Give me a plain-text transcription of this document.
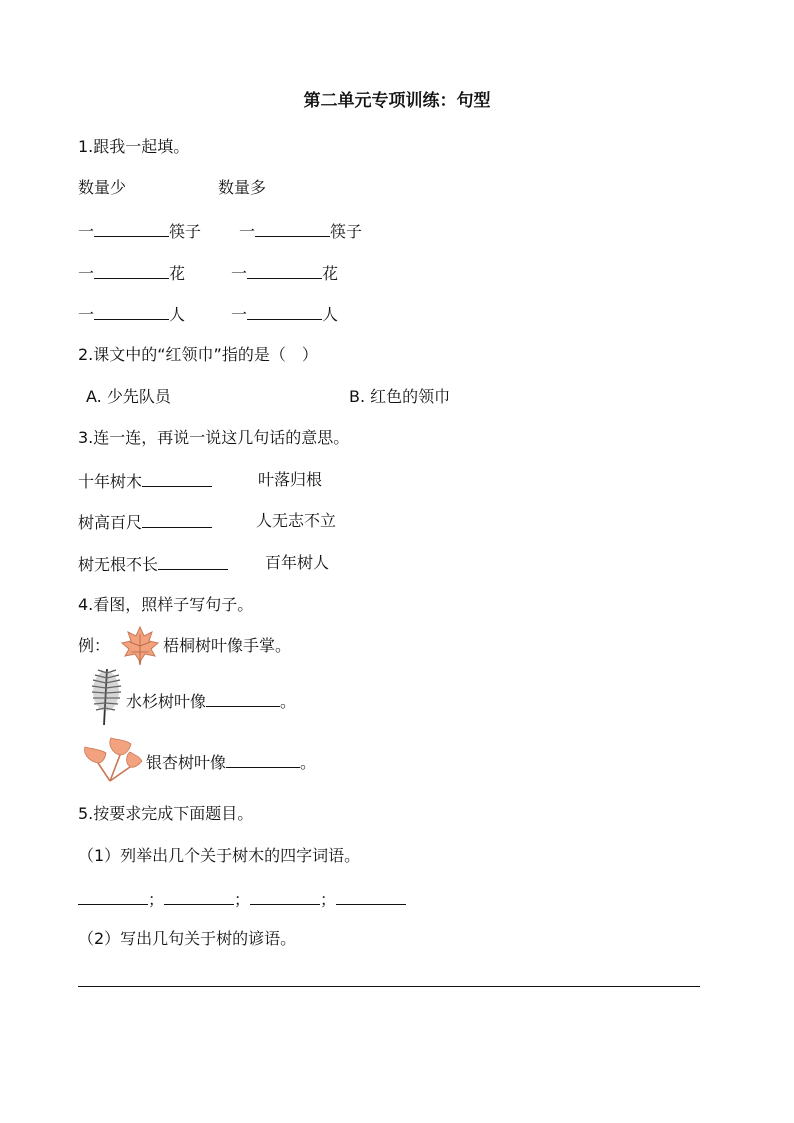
第二单元专项训练：句型
1.跟我一起填。
数量少	数量多
一	筷子 一	筷子
一	花	一	花
一	人	一	人
2.课文中的“红领巾”指的是（　）
A. 少先队员	B. 红色的领巾
3.连一连，再说一说这几句话的意思。
十年树木	叶落归根
树高百尺	人无志不立
树无根不长	百年树人
4.看图，照样子写句子。
例：	梧桐树叶像手掌。
水杉树叶像	。
银杏树叶像	。
5.按要求完成下面题目。
（1）列举出几个关于树木的四字词语。
；	；	；
（2）写出几句关于树的谚语。
